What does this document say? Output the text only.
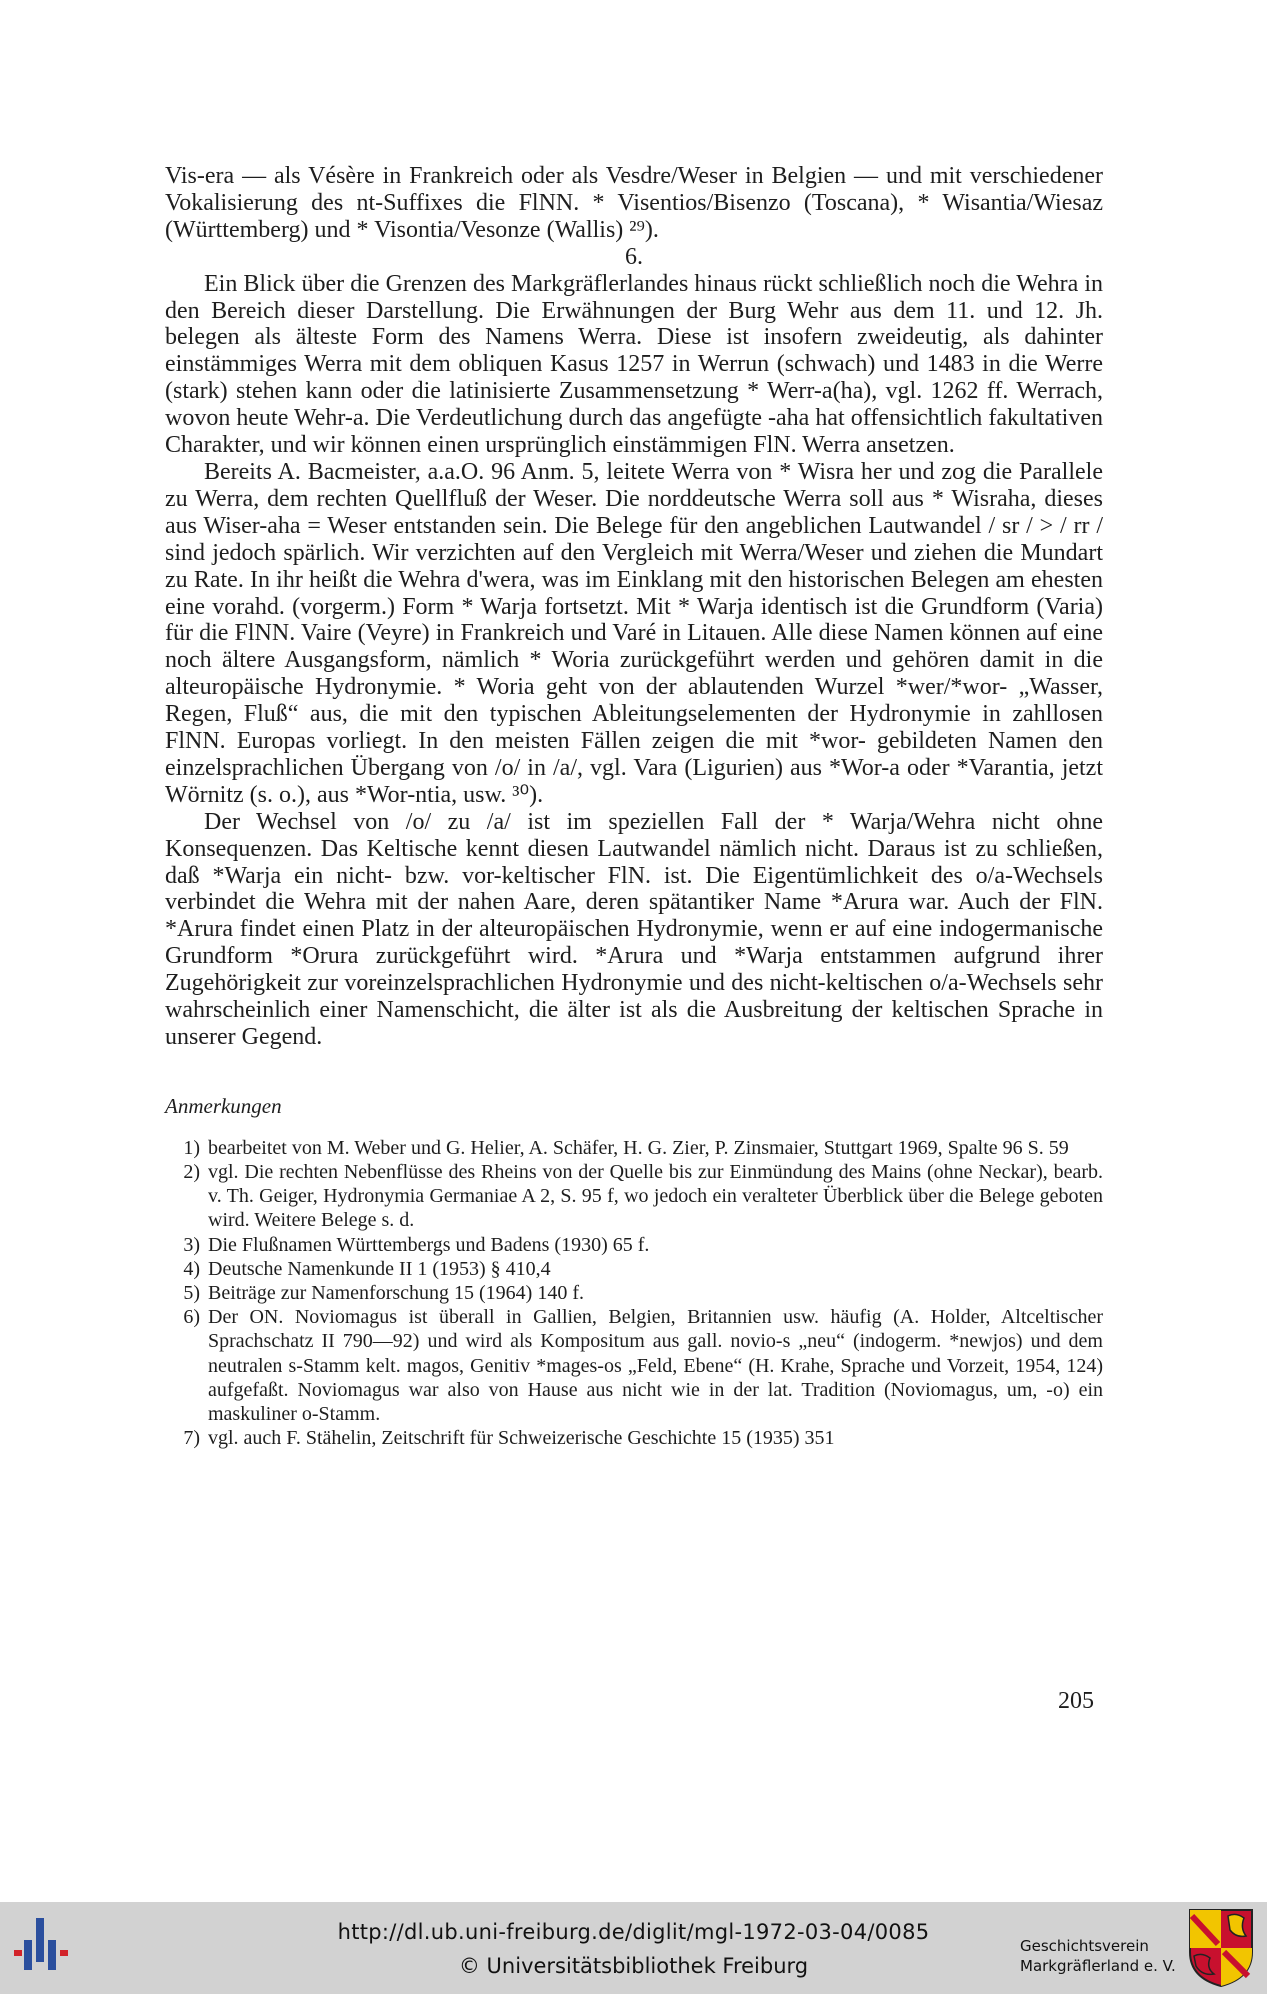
Vis-era — als Vésère in Frankreich oder als Vesdre/Weser in Belgien — und mit verschiedener Vokalisierung des nt-Suffixes die FlNN. * Visentios/Bisenzo (Toscana), * Wisantia/Wiesaz (Württemberg) und * Visontia/Vesonze (Wallis) ²⁹).

6.

Ein Blick über die Grenzen des Markgräflerlandes hinaus rückt schließlich noch die Wehra in den Bereich dieser Darstellung. Die Erwähnungen der Burg Wehr aus dem 11. und 12. Jh. belegen als älteste Form des Namens Werra. Diese ist insofern zweideutig, als dahinter einstämmiges Werra mit dem obliquen Kasus 1257 in Werrun (schwach) und 1483 in die Werre (stark) stehen kann oder die latinisierte Zusammensetzung * Werr-a(ha), vgl. 1262 ff. Werrach, wovon heute Wehr-a. Die Verdeutlichung durch das angefügte -aha hat offensichtlich fakultativen Charakter, und wir können einen ursprünglich einstämmigen FlN. Werra ansetzen.

Bereits A. Bacmeister, a.a.O. 96 Anm. 5, leitete Werra von * Wisra her und zog die Parallele zu Werra, dem rechten Quellfluß der Weser. Die norddeutsche Werra soll aus * Wisraha, dieses aus Wiser-aha = Weser entstanden sein. Die Belege für den angeblichen Lautwandel / sr / > / rr / sind jedoch spärlich. Wir verzichten auf den Vergleich mit Werra/Weser und ziehen die Mundart zu Rate. In ihr heißt die Wehra d'wera, was im Einklang mit den historischen Belegen am ehesten eine vorahd. (vorgerm.) Form * Warja fortsetzt. Mit * Warja identisch ist die Grundform (Varia) für die FlNN. Vaire (Veyre) in Frankreich und Varé in Litauen. Alle diese Namen können auf eine noch ältere Ausgangsform, nämlich * Woria zurückgeführt werden und gehören damit in die alteuropäische Hydronymie. * Woria geht von der ablautenden Wurzel *wer/*wor- „Wasser, Regen, Fluß“ aus, die mit den typischen Ableitungselementen der Hydronymie in zahllosen FlNN. Europas vorliegt. In den meisten Fällen zeigen die mit *wor- gebildeten Namen den einzelsprachlichen Übergang von /o/ in /a/, vgl. Vara (Ligurien) aus *Wor-a oder *Varantia, jetzt Wörnitz (s. o.), aus *Wor-ntia, usw. ³⁰).

Der Wechsel von /o/ zu /a/ ist im speziellen Fall der * Warja/Wehra nicht ohne Konsequenzen. Das Keltische kennt diesen Lautwandel nämlich nicht. Daraus ist zu schließen, daß *Warja ein nicht- bzw. vor-keltischer FlN. ist. Die Eigentümlichkeit des o/a-Wechsels verbindet die Wehra mit der nahen Aare, deren spätantiker Name *Arura war. Auch der FlN. *Arura findet einen Platz in der alteuropäischen Hydronymie, wenn er auf eine indogermanische Grundform *Orura zurückgeführt wird. *Arura und *Warja entstammen aufgrund ihrer Zugehörigkeit zur voreinzelsprachlichen Hydronymie und des nicht-keltischen o/a-Wechsels sehr wahrscheinlich einer Namenschicht, die älter ist als die Ausbreitung der keltischen Sprache in unserer Gegend.

Anmerkungen
1) bearbeitet von M. Weber und G. Helier, A. Schäfer, H. G. Zier, P. Zinsmaier, Stuttgart 1969, Spalte 96 S. 59
2) vgl. Die rechten Nebenflüsse des Rheins von der Quelle bis zur Einmündung des Mains (ohne Neckar), bearb. v. Th. Geiger, Hydronymia Germaniae A 2, S. 95 f, wo jedoch ein veralteter Überblick über die Belege geboten wird. Weitere Belege s. d.
3) Die Flußnamen Württembergs und Badens (1930) 65 f.
4) Deutsche Namenkunde II 1 (1953) § 410,4
5) Beiträge zur Namenforschung 15 (1964) 140 f.
6) Der ON. Noviomagus ist überall in Gallien, Belgien, Britannien usw. häufig (A. Holder, Altceltischer Sprachschatz II 790—92) und wird als Kompositum aus gall. novio-s „neu“ (indogerm. *newjos) und dem neutralen s-Stamm kelt. magos, Genitiv *mages-os „Feld, Ebene“ (H. Krahe, Sprache und Vorzeit, 1954, 124) aufgefaßt. Noviomagus war also von Hause aus nicht wie in der lat. Tradition (Noviomagus, um, -o) ein maskuliner o-Stamm.
7) vgl. auch F. Stähelin, Zeitschrift für Schweizerische Geschichte 15 (1935) 351
205
http://dl.ub.uni-freiburg.de/diglit/mgl-1972-03-04/0085
© Universitätsbibliothek Freiburg
Geschichtsverein
Markgräflerland e. V.
